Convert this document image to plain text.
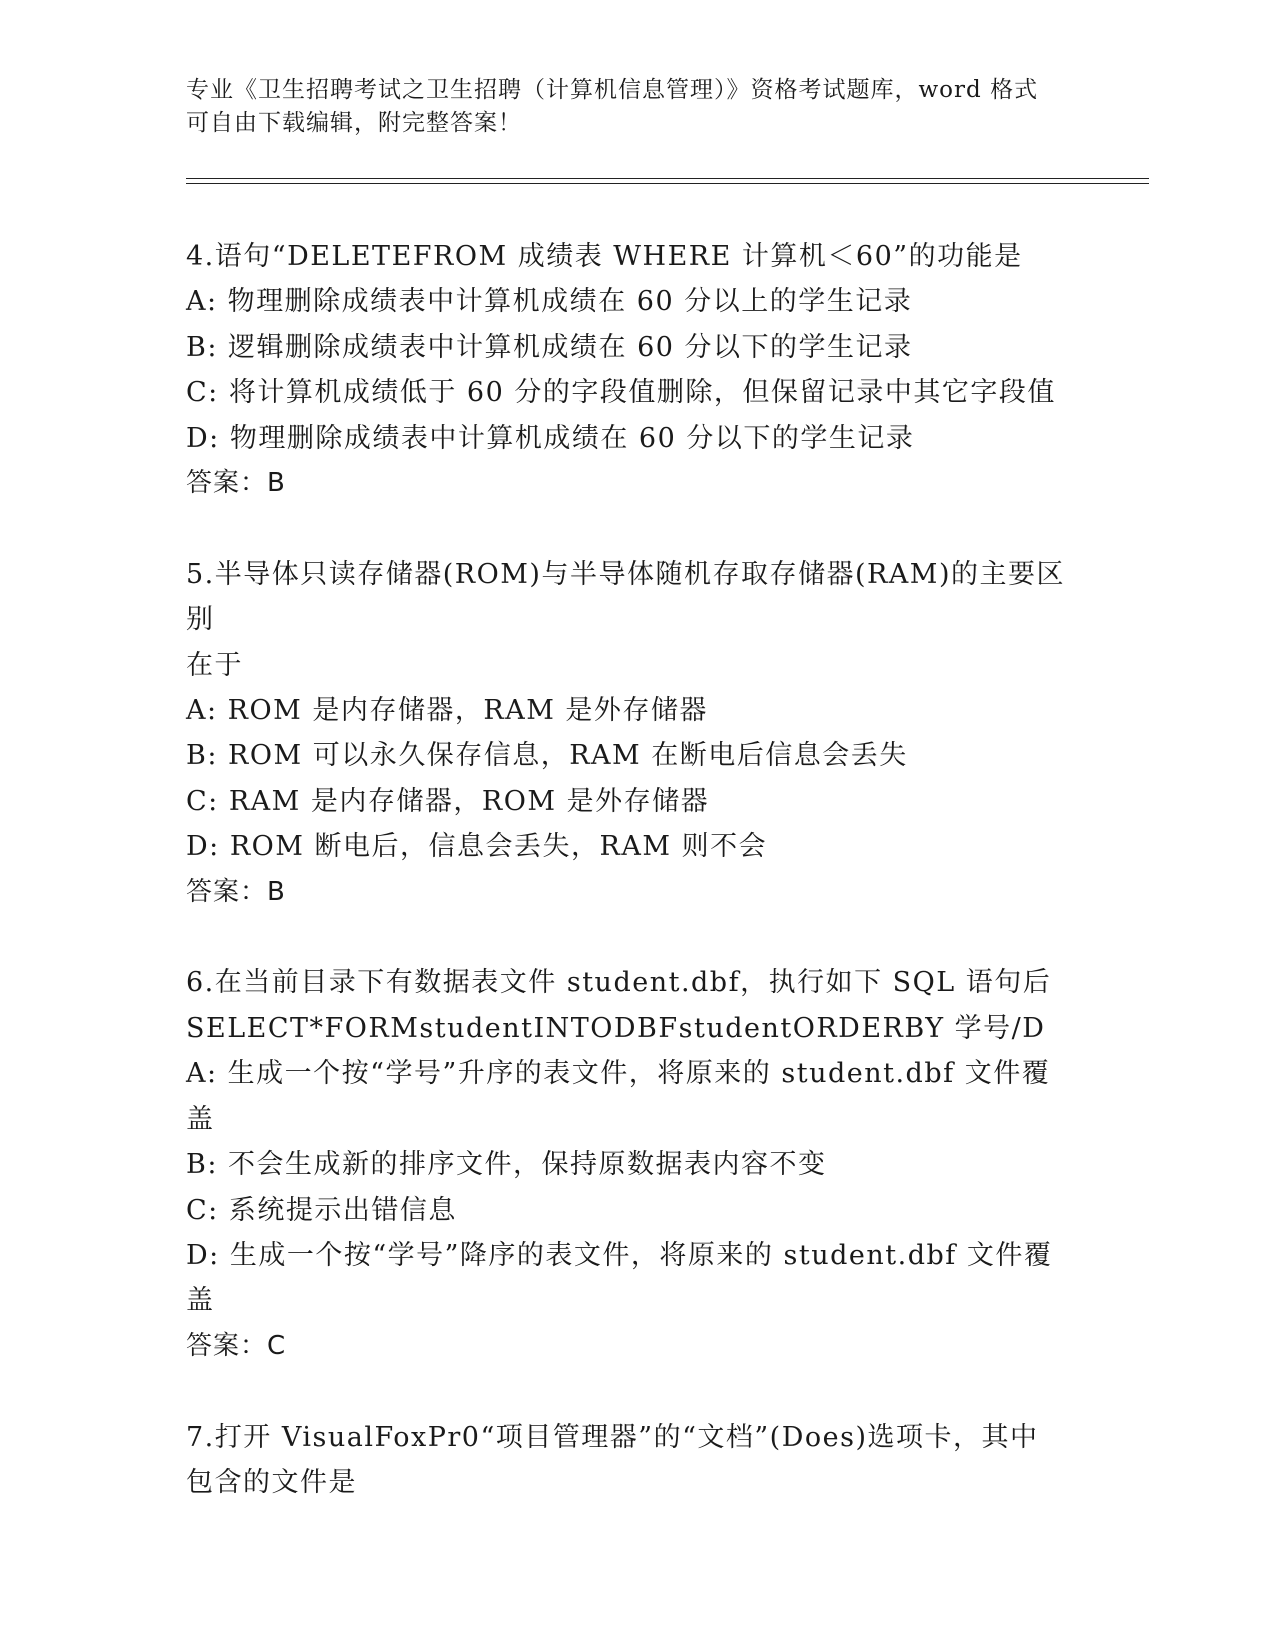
专业《卫生招聘考试之卫生招聘（计算机信息管理）》资格考试题库，word 格式
可自由下载编辑，附完整答案！

4.语句“DELETEFROM 成绩表 WHERE 计算机＜60”的功能是

A: 物理删除成绩表中计算机成绩在 60 分以上的学生记录

B: 逻辑删除成绩表中计算机成绩在 60 分以下的学生记录

C: 将计算机成绩低于 60 分的字段值删除，但保留记录中其它字段值

D: 物理删除成绩表中计算机成绩在 60 分以下的学生记录

答案：B

5.半导体只读存储器(ROM)与半导体随机存取存储器(RAM)的主要区别

在于

A: ROM 是内存储器，RAM 是外存储器

B: ROM 可以永久保存信息，RAM 在断电后信息会丢失

C: RAM 是内存储器，ROM 是外存储器

D: ROM 断电后，信息会丢失，RAM 则不会

答案：B

6.在当前目录下有数据表文件 student.dbf，执行如下 SQL 语句后

SELECT*FORMstudentINTODBFstudentORDERBY 学号/D

A: 生成一个按“学号”升序的表文件，将原来的 student.dbf 文件覆

盖

B: 不会生成新的排序文件，保持原数据表内容不变

C: 系统提示出错信息

D: 生成一个按“学号”降序的表文件，将原来的 student.dbf 文件覆

盖

答案：C

7.打开 VisualFoxPr0“项目管理器”的“文档”(Does)选项卡，其中

包含的文件是
